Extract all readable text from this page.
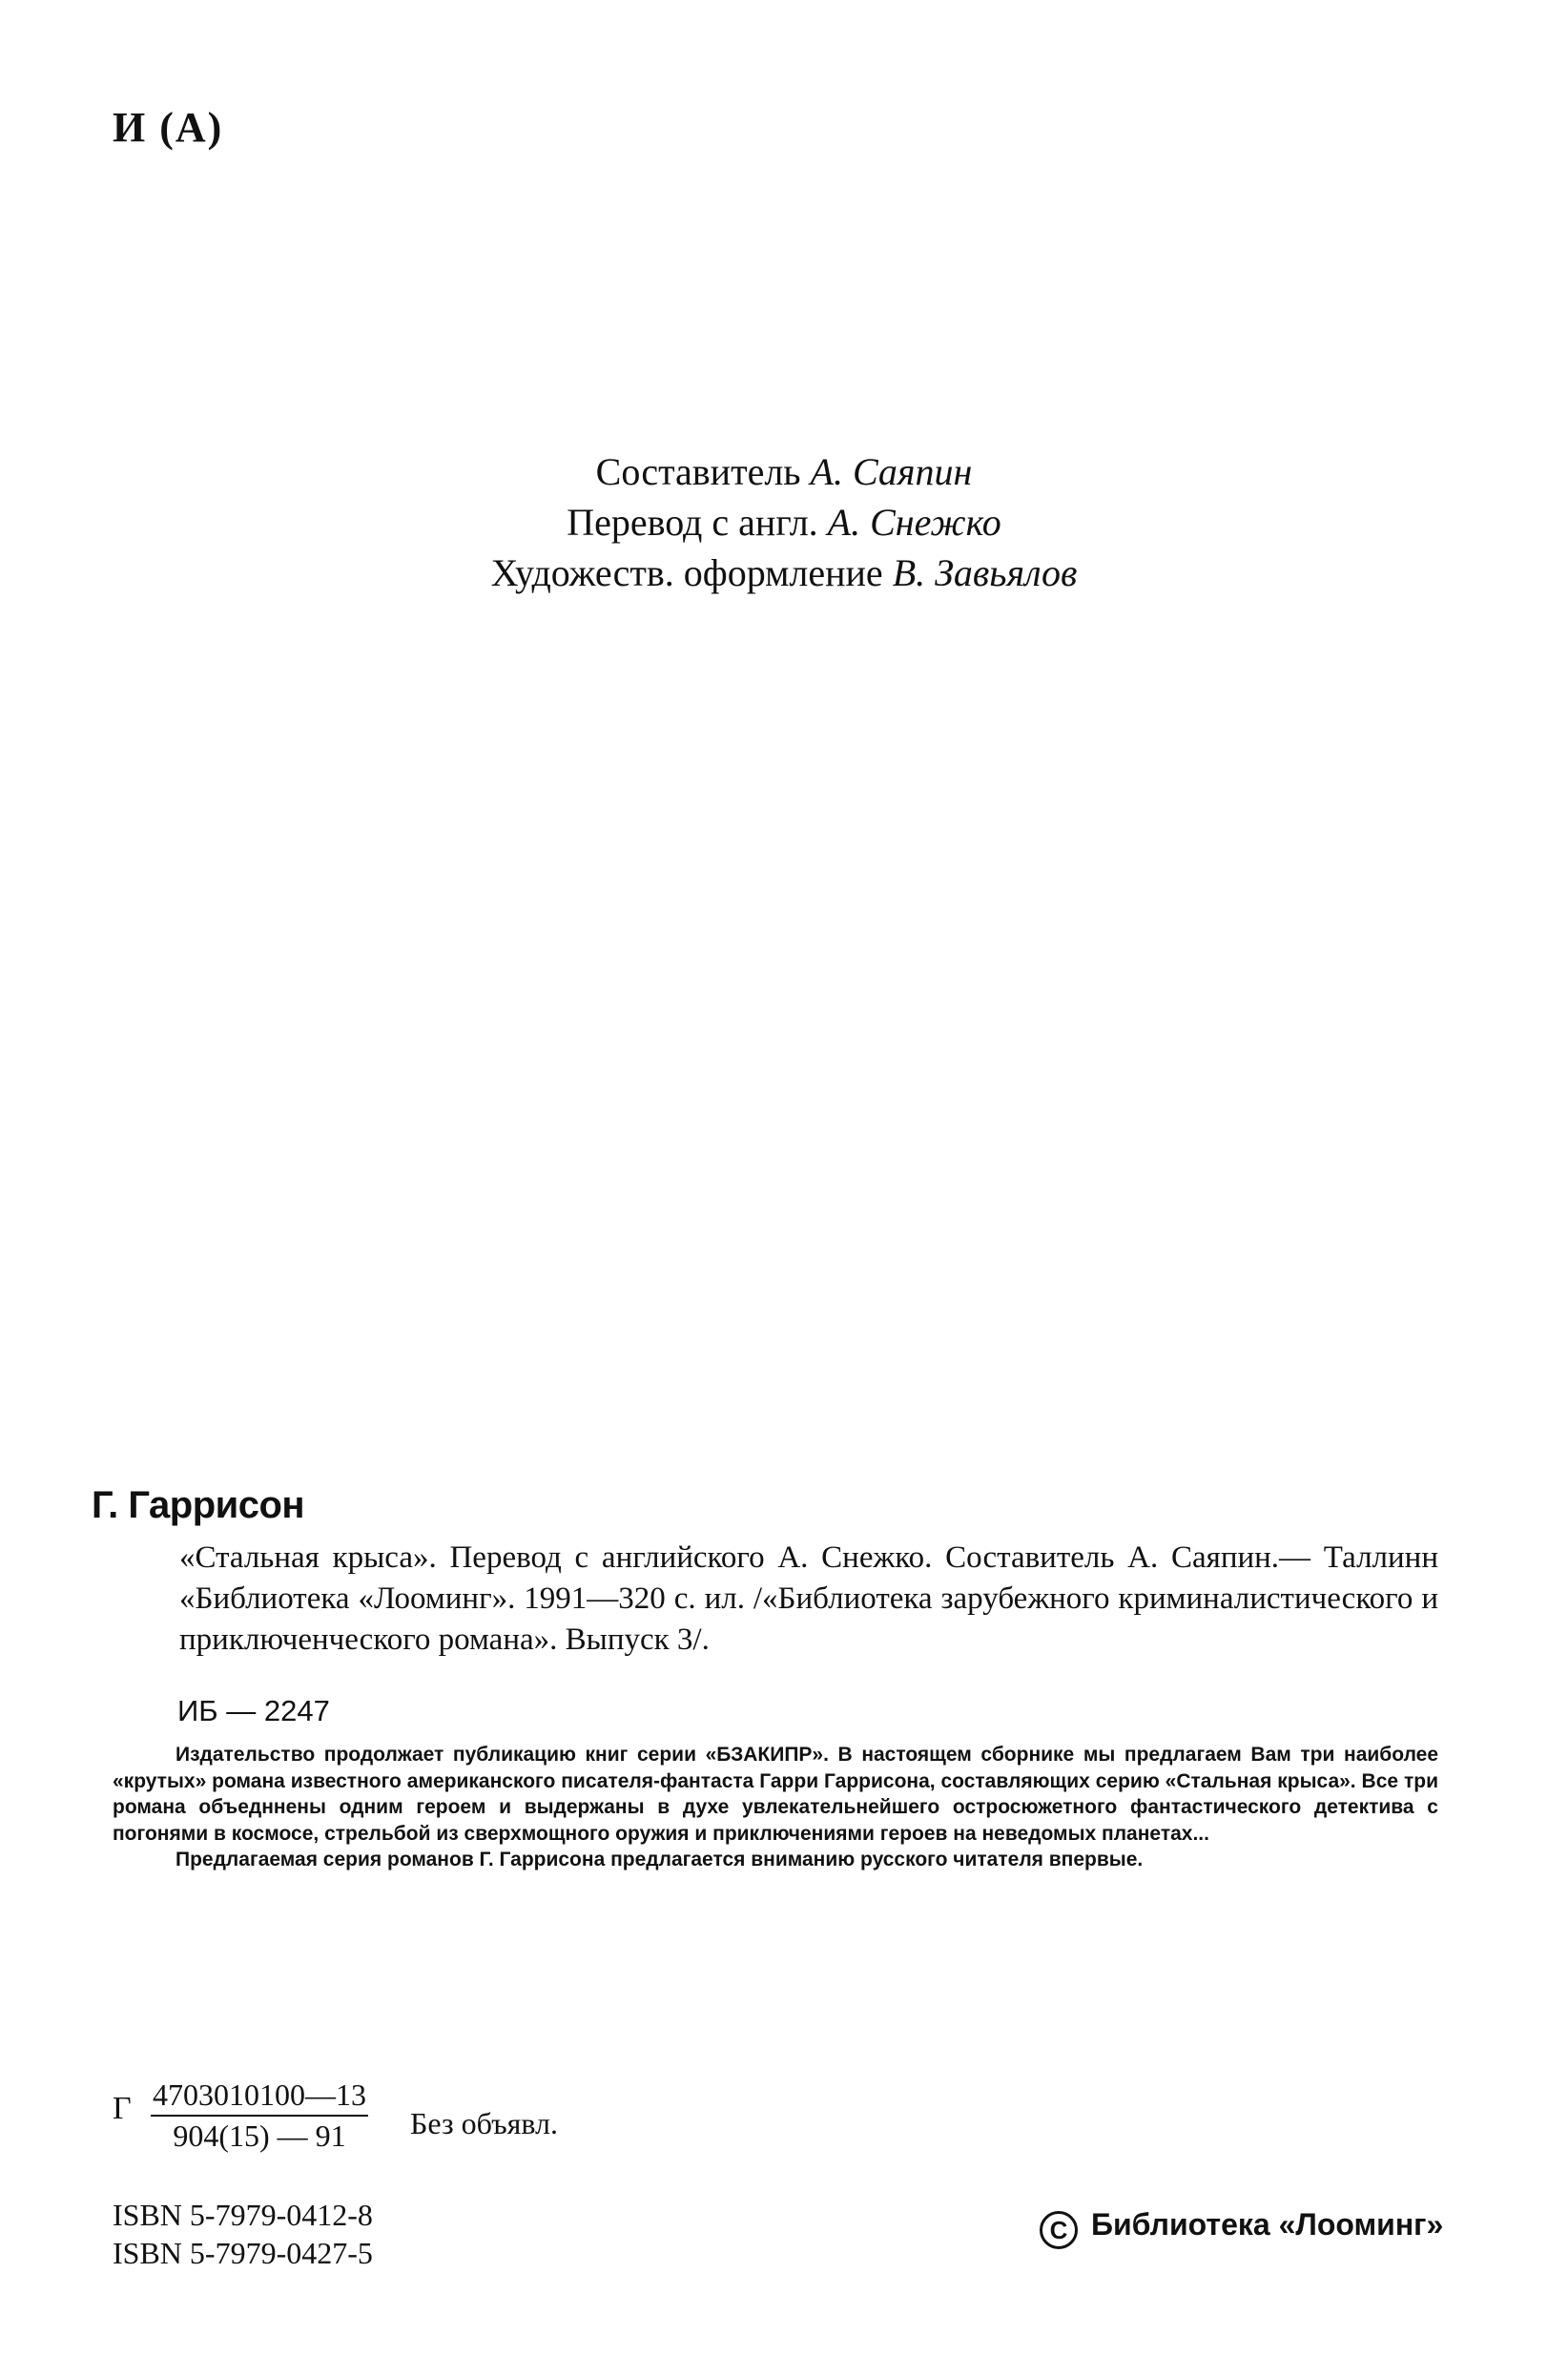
И (А)
Составитель А. Саяпин
Перевод с англ. А. Снежко
Художеств. оформление В. Завьялов
Г. Гаррисон

«Стальная крыса». Перевод с английского А. Снежко. Составитель А. Саяпин.— Таллинн «Библиотека «Лооминг». 1991—320 с. ил. /«Библиотека зарубежного криминалистического и приключенческого романа». Выпуск 3/.

ИБ — 2247

Издательство продолжает публикацию книг серии «БЗАКИПР». В настоящем сборнике мы предлагаем Вам три наиболее «крутых» романа известного американского писателя-фантаста Гарри Гаррисона, составляющих серию «Стальная крыса». Все три романа объедннены одним героем и выдержаны в духе увлекательнейшего остросюжетного фантастического детектива с погонями в космосе, стрельбой из сверхмощного оружия и приключениями героев на неведомых планетах...

Предлагаемая серия романов Г. Гаррисона предлагается вниманию русского читателя впервые.

Г $\frac{4703010100—13}{904(15) — 91}$ Без объявл.
ISBN 5-7979-0412-8
ISBN 5-7979-0427-5
C Библиотека «Лооминг»
